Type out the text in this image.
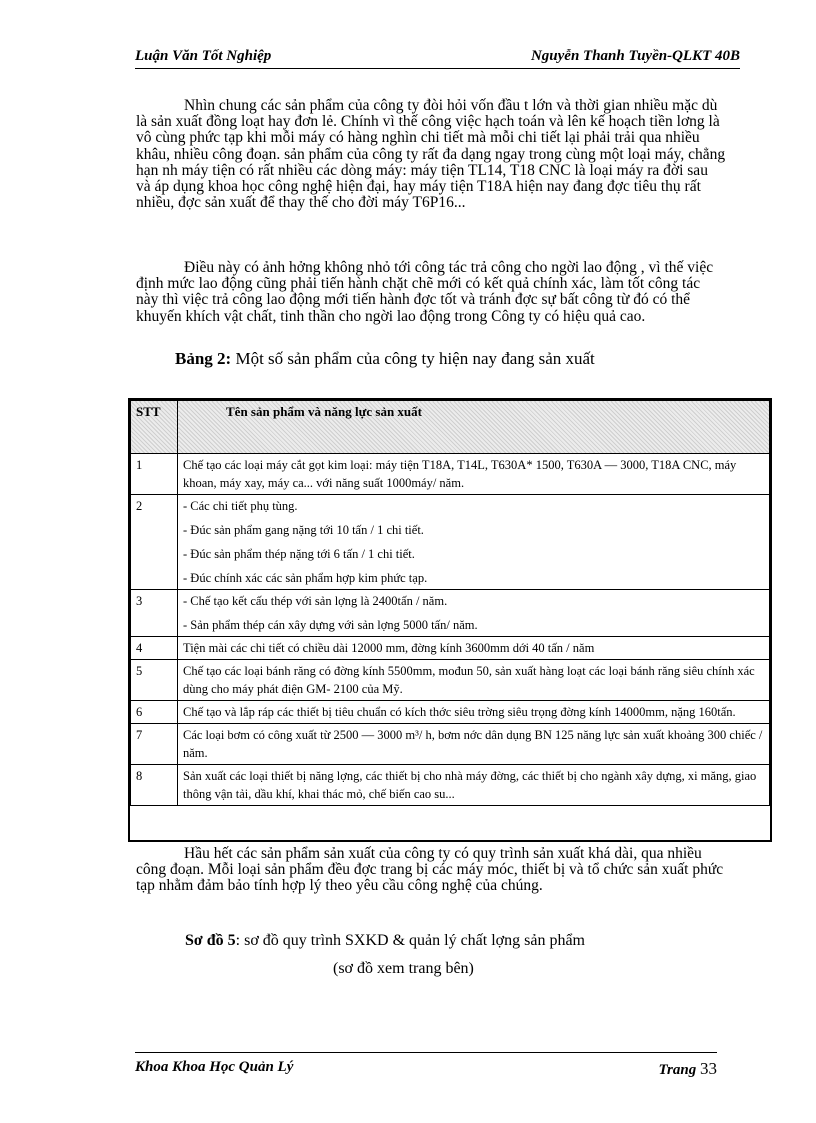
Luận Văn Tốt Nghiệp	Nguyễn Thanh Tuyền-QLKT 40B

Nhìn chung các sản phẩm của công ty đòi hỏi vốn đầu t lớn và thời gian nhiều mặc dù là sản xuất đồng loạt hay đơn lẻ. Chính vì thế công việc hạch toán và lên kế hoạch tiền lơng là vô cùng phức tạp khi mỗi máy có hàng nghìn chi tiết mà mỗi chi tiết lại phải trải qua nhiều khâu, nhiều công đoạn. sản phẩm của công ty rất đa dạng ngay trong cùng một loại máy, chẳng hạn nh máy tiện có rất nhiều các dòng máy: máy tiện TL14, T18 CNC là loại máy ra đời sau và áp dụng khoa học công nghệ hiện đại, hay máy tiện T18A hiện nay đang đợc tiêu thụ rất nhiều, đợc sản xuất để thay thế cho đời máy T6P16...

Điều này có ảnh hởng không nhỏ tới công tác trả công cho ngời lao động , vì thế việc định mức lao động cũng phải tiến hành chặt chẽ mới có kết quả chính xác, làm tốt công tác này thì việc trả công lao động mới tiến hành đợc tốt và tránh đợc sự bất công từ đó có thể khuyến khích vật chất, tinh thần cho ngời lao động trong Công ty có hiệu quả cao.

Bảng 2: Một số sản phẩm của công ty hiện nay đang sản xuất
STT	Tên sản phẩm và năng lực sản xuất
1	Chế tạo các loại máy cắt gọt kim loại: máy tiện T18A, T14L, T630A* 1500, T630A — 3000, T18A CNC, máy khoan, máy xay, máy ca... với năng suất 1000máy/ năm.

2	- Các chi tiết phụ tùng.
- Đúc sản phẩm gang nặng tới 10 tấn / 1 chi tiết.
- Đúc sản phẩm thép nặng tới 6 tấn / 1 chi tiết.
- Đúc chính xác các sản phẩm hợp kim phức tạp.

3	- Chế tạo kết cấu thép với sản lợng là 2400tấn / năm.
- Sản phẩm thép cán xây dựng với sản lợng 5000 tấn/ năm.

4	Tiện mài các chi tiết có chiều dài 12000 mm, đờng kính 3600mm dới 40 tấn / năm

5	Chế tạo các loại bánh răng có đờng kính 5500mm, mođun 50, sản xuất hàng loạt các loại bánh răng siêu chính xác dùng cho máy phát điện GM- 2100 của Mỹ.

6	Chế tạo và lắp ráp các thiết bị tiêu chuẩn có kích thớc siêu trờng siêu trọng đờng kính 14000mm, nặng 160tấn.

7	Các loại bơm có công xuất từ 2500 — 3000 m³/ h, bơm nớc dân dụng BN 125 năng lực sản xuất khoảng 300 chiếc / năm.

8	Sản xuất các loại thiết bị năng lợng, các thiết bị cho nhà máy đờng, các thiết bị cho ngành xây dựng, xi măng, giao thông vận tải, dầu khí, khai thác mỏ, chế biến cao su...

Hầu hết các sản phẩm sản xuất của công ty có quy trình sản xuất khá dài, qua nhiều công đoạn. Mỗi loại sản phẩm đều đợc trang bị các máy móc, thiết bị và tổ chức sản xuất phức tạp nhằm đảm bảo tính hợp lý theo yêu cầu công nghệ của chúng.

Sơ đồ 5: sơ đồ quy trình SXKD & quản lý chất lợng sản phẩm
(sơ đồ xem trang bên)
Khoa Khoa Học Quản Lý	Trang 33
